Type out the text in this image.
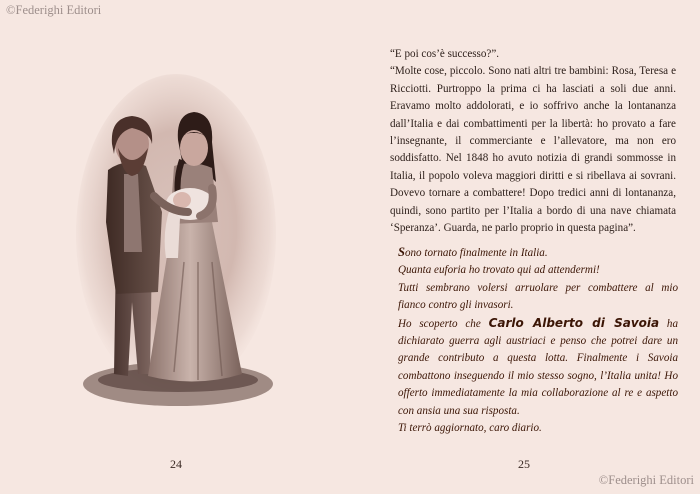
©Federighi Editori
©Federighi Editori
24

“E poi cos’è successo?”.

“Molte cose, piccolo. Sono nati altri tre bambini: Rosa, Teresa e Ricciotti. Purtroppo la prima ci ha lasciati a soli due anni. Eravamo molto addolorati, e io soffrivo anche la lontananza dall’Italia e dai combattimenti per la libertà: ho provato a fare l’insegnante, il commerciante e l’allevatore, ma non ero soddisfatto. Nel 1848 ho avuto notizia di grandi sommosse in Italia, il popolo voleva maggiori diritti e si ribellava ai sovrani. Dovevo tornare a combattere! Dopo tredici anni di lontananza, quindi, sono partito per l’Italia a bordo di una nave chiamata ‘Speranza’. Guarda, ne parlo proprio in questa pagina”.

Sono tornato finalmente in Italia.
Quanta euforia ho trovato qui ad attendermi!
Tutti sembrano volersi arruolare per combattere al mio
fianco contro gli invasori.

Ho scoperto che Carlo Alberto di Savoia ha dichiarato guerra agli austriaci e penso che potrei dare un grande contributo a questa lotta. Finalmente i Savoia combattono inseguendo il mio stesso sogno, l’Italia unita! Ho offerto immediatamente la mia collaborazione al re e aspetto con ansia una sua risposta.

Ti terrò aggiornato, caro diario.
25
